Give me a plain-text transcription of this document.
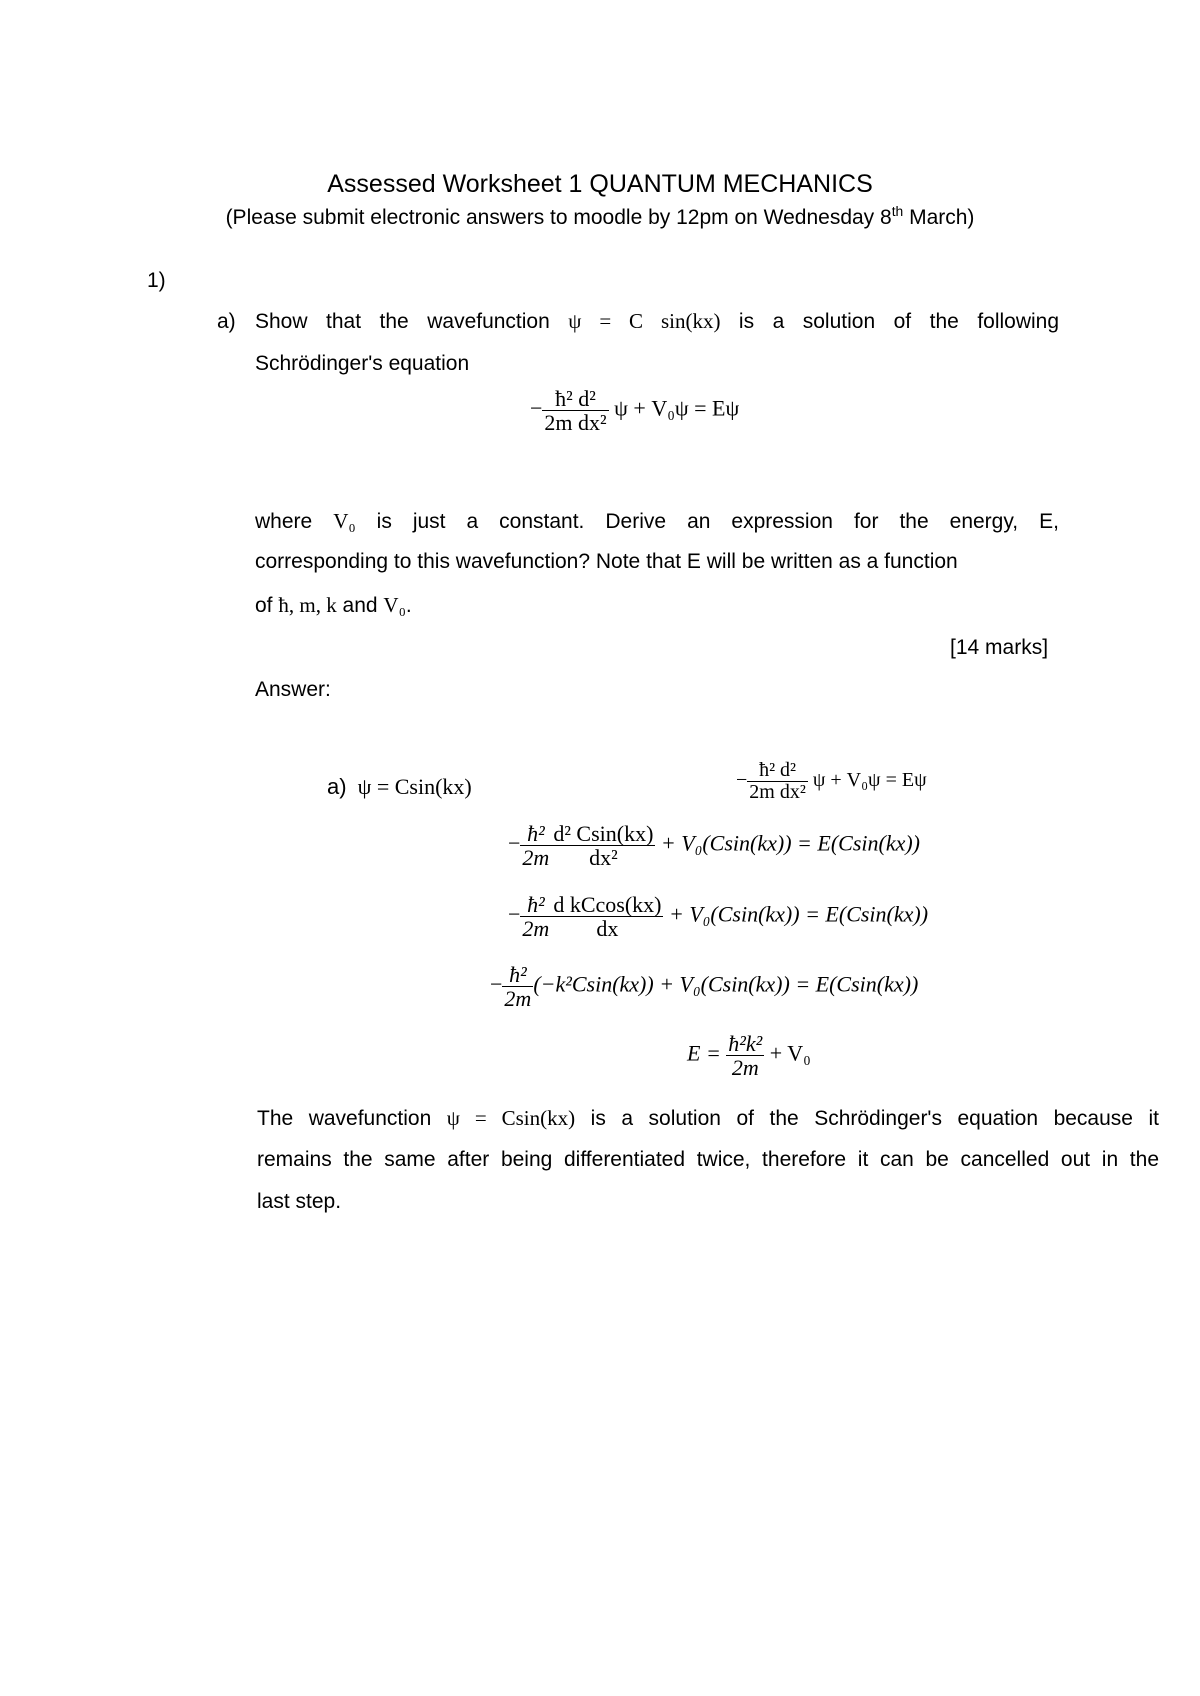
Assessed Worksheet 1 QUANTUM MECHANICS
(Please submit electronic answers to moodle by 12pm on Wednesday 8th March)
1)
a) Show that the wavefunction ψ = C sin(kx) is a solution of the following
Schrödinger's equation
− $\frac{\text{ħ² d²}}{\text{2m dx²}}$ ψ + V₀ψ = Eψ
where V₀ is just a constant. Derive an expression for the energy, E,
corresponding to this wavefunction? Note that E will be written as a function
of ħ, m, k and V₀.
[14 marks]
Answer:
a) ψ = Csin(kx)	− $\frac{\text{ħ² d²}}{\text{2m dx²}}$ ψ + V₀ψ = Eψ
− $\frac{\text{ħ²}}{2m} \frac{\text{d² Csin(kx)}}{\text{dx²}} + V_0(Csin(kx)) = E(Csin(kx))$
− $\frac{\text{ħ²}}{2m} \frac{\text{d kCcos(kx)}}{dx} + V_0(Csin(kx)) = E(Csin(kx))$
− $\frac{\text{ħ²}}{2m} (-k^2Csin(kx)) + V_0(Csin(kx)) = E(Csin(kx))$
$E = \frac{\text{ħ²k²}}{2m} + V_0$
The wavefunction ψ = Csin(kx) is a solution of the Schrödinger's equation because it
remains the same after being differentiated twice, therefore it can be cancelled out in the
last step.
